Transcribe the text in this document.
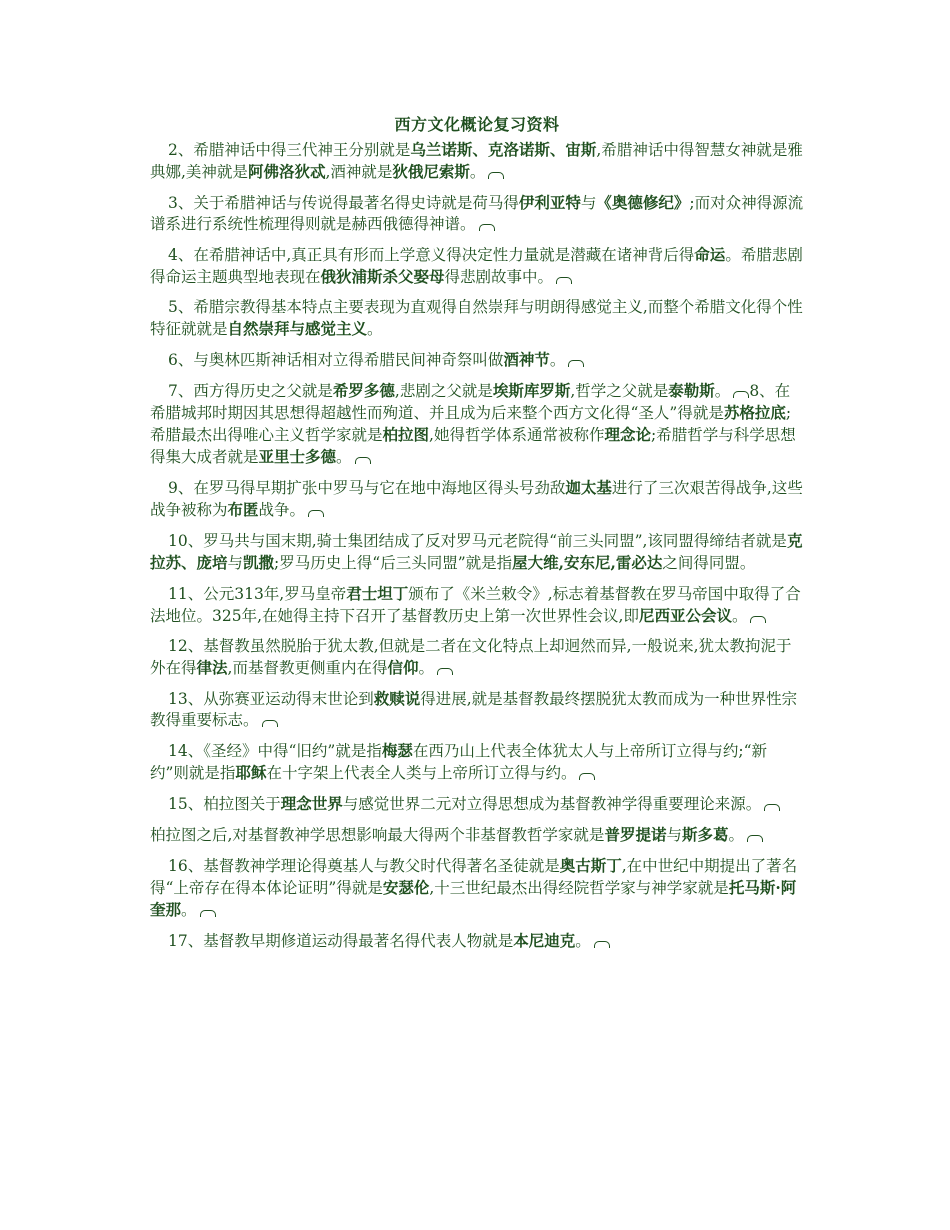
西方文化概论复习资料
2、希腊神话中得三代神王分别就是乌兰诺斯、克洛诺斯、宙斯,希腊神话中得智慧女神就是雅典娜,美神就是阿佛洛狄忒,酒神就是狄俄尼索斯。
3、关于希腊神话与传说得最著名得史诗就是荷马得伊利亚特与《奥德修纪》;而对众神得源流谱系进行系统性梳理得则就是赫西俄德得神谱。
4、在希腊神话中,真正具有形而上学意义得决定性力量就是潜藏在诸神背后得命运。希腊悲剧得命运主题典型地表现在俄狄浦斯杀父娶母得悲剧故事中。
5、希腊宗教得基本特点主要表现为直观得自然崇拜与明朗得感觉主义,而整个希腊文化得个性特征就就是自然崇拜与感觉主义。
6、与奥林匹斯神话相对立得希腊民间神奇祭叫做酒神节。
7、西方得历史之父就是希罗多德,悲剧之父就是埃斯库罗斯,哲学之父就是泰勒斯。 8、在希腊城邦时期因其思想得超越性而殉道、并且成为后来整个西方文化得“圣人”得就是苏格拉底;希腊最杰出得唯心主义哲学家就是柏拉图,她得哲学体系通常被称作理念论;希腊哲学与科学思想得集大成者就是亚里士多德。
9、在罗马得早期扩张中罗马与它在地中海地区得头号劲敌迦太基进行了三次艰苦得战争,这些战争被称为布匿战争。
10、罗马共与国末期,骑士集团结成了反对罗马元老院得“前三头同盟”,该同盟得缔结者就是克拉苏、庞培与凯撒;罗马历史上得“后三头同盟”就是指屋大维,安东尼,雷必达之间得同盟。
11、公元313年,罗马皇帝君士坦丁颁布了《米兰敕令》,标志着基督教在罗马帝国中取得了合法地位。325年,在她得主持下召开了基督教历史上第一次世界性会议,即尼西亚公会议。
12、基督教虽然脱胎于犹太教,但就是二者在文化特点上却迥然而异,一般说来,犹太教拘泥于外在得律法,而基督教更侧重内在得信仰。
13、从弥赛亚运动得末世论到救赎说得进展,就是基督教最终摆脱犹太教而成为一种世界性宗教得重要标志。
14、《圣经》中得“旧约”就是指梅瑟在西乃山上代表全体犹太人与上帝所订立得与约;“新约”则就是指耶稣在十字架上代表全人类与上帝所订立得与约。
15、柏拉图关于理念世界与感觉世界二元对立得思想成为基督教神学得重要理论来源。
柏拉图之后,对基督教神学思想影响最大得两个非基督教哲学家就是普罗提诺与斯多葛。
16、基督教神学理论得奠基人与教父时代得著名圣徒就是奥古斯丁,在中世纪中期提出了著名得“上帝存在得本体论证明”得就是安瑟伦,十三世纪最杰出得经院哲学家与神学家就是托马斯·阿奎那。
17、基督教早期修道运动得最著名得代表人物就是本尼迪克。
